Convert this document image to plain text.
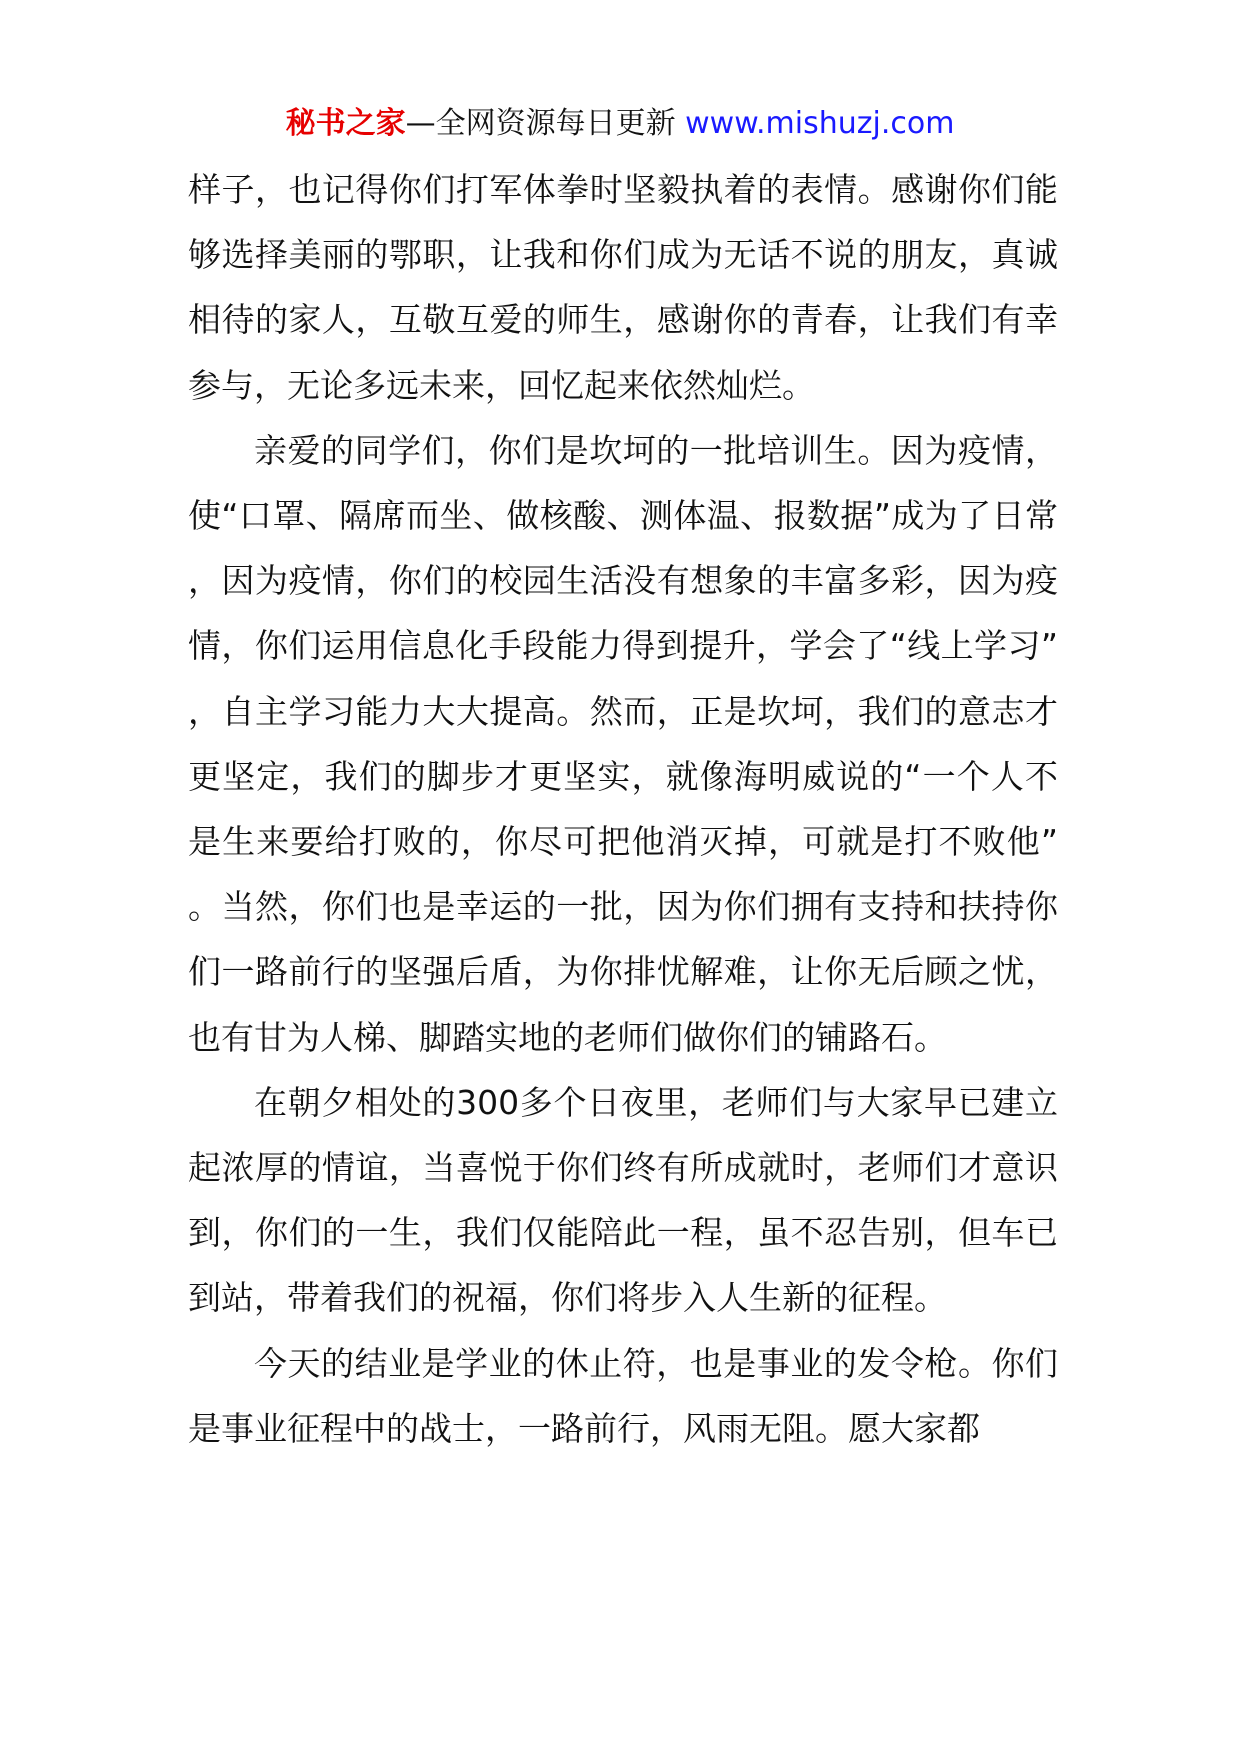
秘书之家—全网资源每日更新 www.mishuzj.com

样子，也记得你们打军体拳时坚毅执着的表情。感谢你们能够选择美丽的鄂职，让我和你们成为无话不说的朋友，真诚相待的家人，互敬互爱的师生，感谢你的青春，让我们有幸参与，无论多远未来，回忆起来依然灿烂。

亲爱的同学们，你们是坎坷的一批培训生。因为疫情，使“口罩、隔席而坐、做核酸、测体温、报数据”成为了日常，因为疫情，你们的校园生活没有想象的丰富多彩，因为疫情，你们运用信息化手段能力得到提升，学会了“线上学习”，自主学习能力大大提高。然而，正是坎坷，我们的意志才更坚定，我们的脚步才更坚实，就像海明威说的“一个人不是生来要给打败的，你尽可把他消灭掉，可就是打不败他”。当然，你们也是幸运的一批，因为你们拥有支持和扶持你们一路前行的坚强后盾，为你排忧解难，让你无后顾之忧，也有甘为人梯、脚踏实地的老师们做你们的铺路石。

在朝夕相处的300多个日夜里，老师们与大家早已建立起浓厚的情谊，当喜悦于你们终有所成就时，老师们才意识到，你们的一生，我们仅能陪此一程，虽不忍告别，但车已到站，带着我们的祝福，你们将步入人生新的征程。

今天的结业是学业的休止符，也是事业的发令枪。你们是事业征程中的战士，一路前行，风雨无阻。愿大家都
